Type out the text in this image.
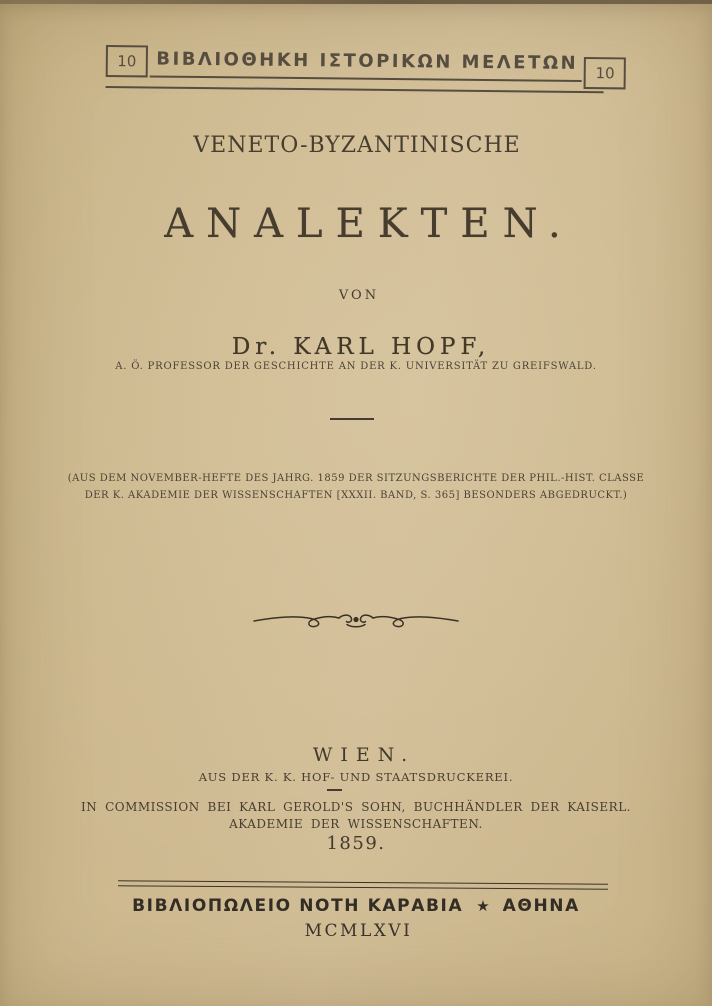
10	ΒΙΒΛΙΟΘΗΚΗ ΙΣΤΟΡΙΚΩΝ ΜΕΛΕΤΩΝ 10
VENETO-BYZANTINISCHE
ANALEKTEN.
VON
Dr. KARL HOPF,
A. Ö. PROFESSOR DER GESCHICHTE AN DER K. UNIVERSITÄT ZU GREIFSWALD.
(AUS DEM NOVEMBER-HEFTE DES JAHRG. 1859 DER SITZUNGSBERICHTE DER PHIL.-HIST. CLASSE
DER K. AKADEMIE DER WISSENSCHAFTEN [XXXII. BAND, S. 365] BESONDERS ABGEDRUCKT.)
WIEN.
AUS DER K. K. HOF- UND STAATSDRUCKEREI.
IN COMMISSION BEI KARL GEROLD'S SOHN, BUCHHÄNDLER DER KAISERL.
AKADEMIE DER WISSENSCHAFTEN.
1859.
ΒΙΒΛΙΟΠΩΛΕΙΟ ΝΟΤΗ ΚΑΡΑΒΙΑ ★ ΑΘΗΝΑ
MCMLXVI
